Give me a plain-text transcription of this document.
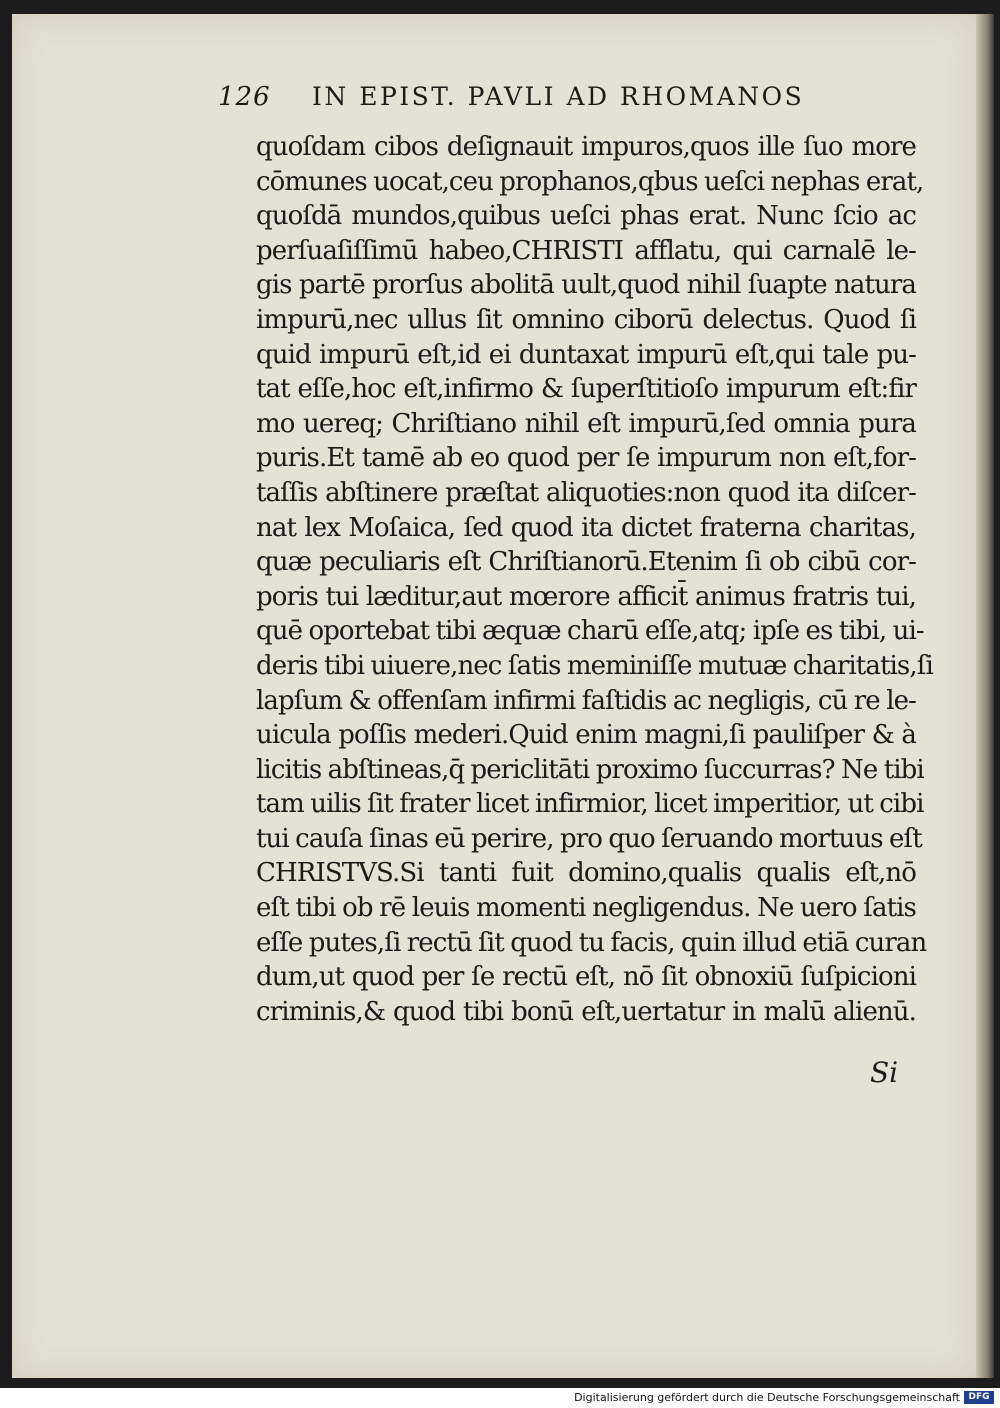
126 IN EPIST. PAVLI AD RHOMANOS
quoſdam cibos deſignauit impuros,quos ille ſuo more
cōmunes uocat,ceu prophanos,qbus ueſci nephas erat,
quoſdā mundos,quibus ueſci phas erat. Nunc ſcio ac
perſuaſiſſimū habeo,CHRISTI afflatu, qui carnalē le-
gis partē prorſus abolitā uult,quod nihil ſuapte natura
impurū,nec ullus ſit omnino ciborū delectus. Quod ſi
quid impurū eſt,id ei duntaxat impurū eſt,qui tale pu-
tat eſſe,hoc eſt,infirmo & ſuperſtitioſo impurum eſt:fir
mo uereq; Chriſtiano nihil eſt impurū,ſed omnia pura
puris.Et tamē ab eo quod per ſe impurum non eſt,for-
taſſis abſtinere præſtat aliquoties:non quod ita diſcer-
nat lex Moſaica, ſed quod ita dictet fraterna charitas,
quæ peculiaris eſt Chriſtianorū.Etenim ſi ob cibū cor-
poris tui læditur,aut mœrore afficit̄ animus fratris tui,
quē oportebat tibi æquæ charū eſſe,atq; ipſe es tibi, ui-
deris tibi uiuere,nec ſatis meminiſſe mutuæ charitatis,ſi
lapſum & offenſam infirmi faſtidis ac negligis, cū re le-
uicula poſſis mederi.Quid enim magni,ſi pauliſper & à
licitis abſtineas,q̄ periclitāti proximo ſuccurras? Ne tibi
tam uilis ſit frater licet infirmior, licet imperitior, ut cibi
tui cauſa ſinas eū perire, pro quo ſeruando mortuus eſt
CHRISTVS.Si tanti fuit domino,qualis qualis eſt,nō
eſt tibi ob rē leuis momenti negligendus. Ne uero ſatis
eſſe putes,ſi rectū ſit quod tu facis, quin illud etiā curan
dum,ut quod per ſe rectū eſt, nō ſit obnoxiū ſuſpicioni
criminis,& quod tibi bonū eſt,uertatur in malū alienū.
Si
Digitalisierung gefördert durch die Deutsche Forschungsgemeinschaft DFG
